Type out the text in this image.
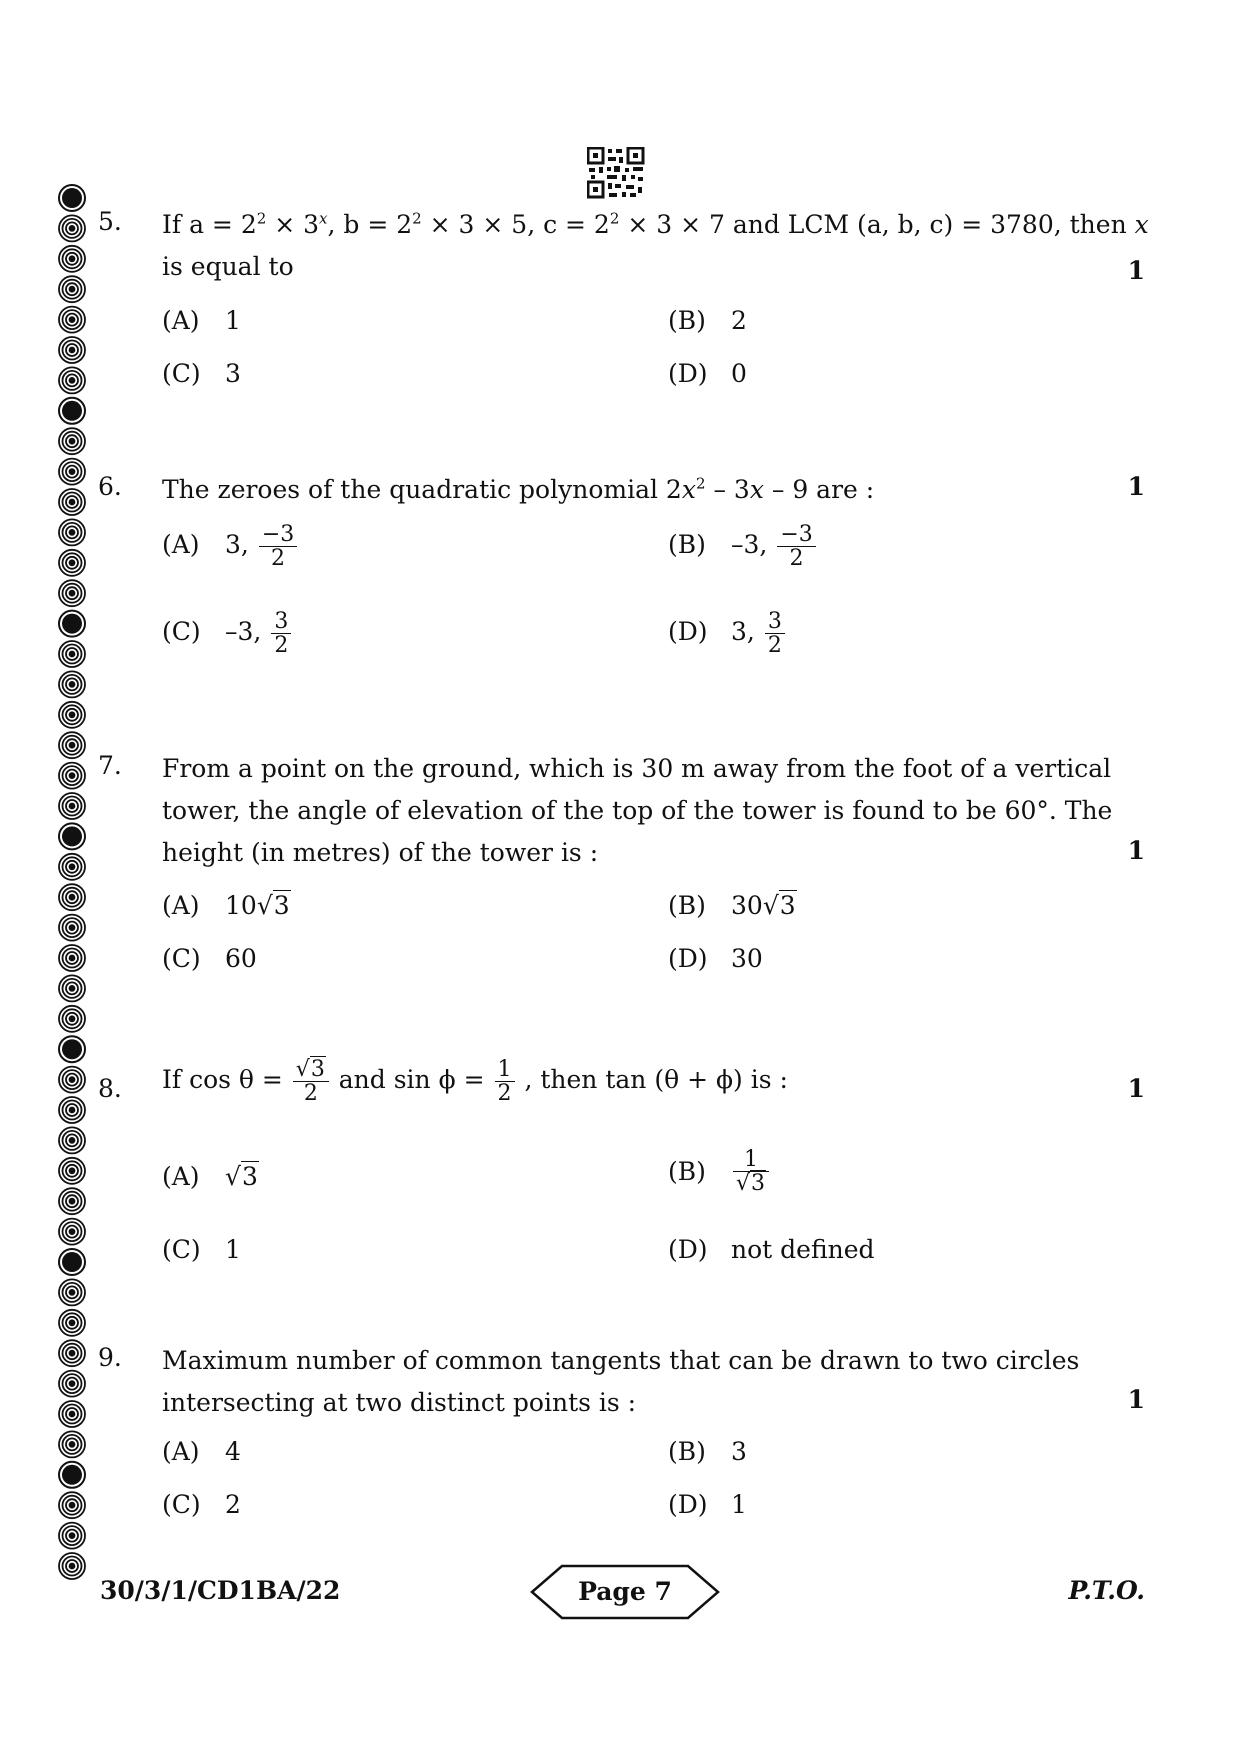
5. If $a = 2^2 \times 3^x$, $b = 2^2 \times 3 \times 5$, $c = 2^2 \times 3 \times 7$ and LCM (a, b, c) = 3780, then x
is equal to	1
(A) 1	(B) 2
(C) 3	(D) 0
6. The zeroes of the quadratic polynomial $2x^2 - 3x - 9$ are :	1
(A) 3, $\frac{-3}{2}$	(B) –3, $\frac{-3}{2}$
(C) –3, $\frac{3}{2}$	(D) 3, $\frac{3}{2}$
7. From a point on the ground, which is 30 m away from the foot of a vertical
tower, the angle of elevation of the top of the tower is found to be 60°. The
height (in metres) of the tower is :	1
(A) 10√3	(B) 30√3
(C) 60	(D) 30
8. If $\cos \theta = \frac{√3}{2}$ and $\sin \phi = \frac{1}{2}$ , then tan (θ + ϕ) is :	1
(A) √3	$(B) \frac{1}{√3}$
(C) 1	(D) not defined
9. Maximum number of common tangents that can be drawn to two circles
intersecting at two distinct points is :	1
(A) 4	(B) 3
(C) 2	(D) 1
30/3/1/CD1BA/22	Page 7	P.T.O.
